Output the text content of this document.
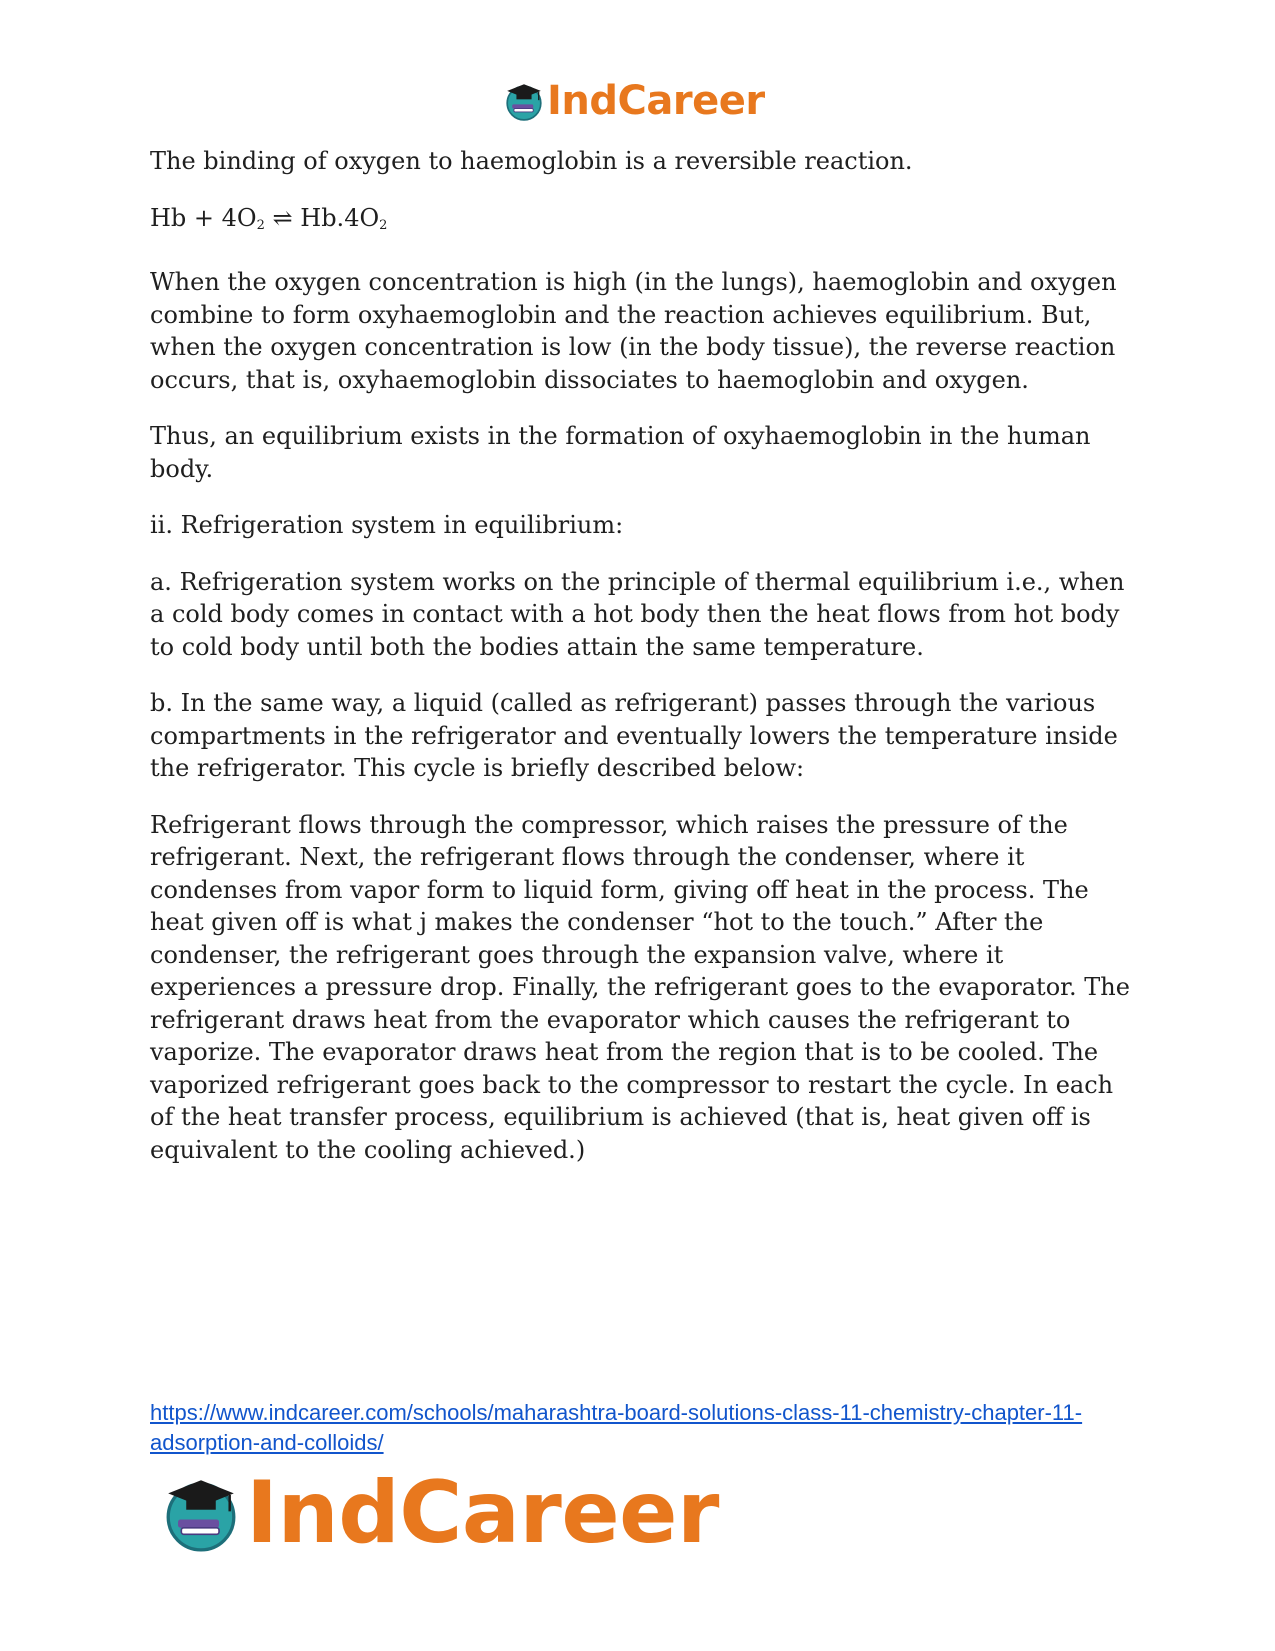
IndCareer

The binding of oxygen to haemoglobin is a reversible reaction.

$Hb + 4O_2$ ⇌ $Hb.4O_2$

When the oxygen concentration is high (in the lungs), haemoglobin and oxygen combine to form oxyhaemoglobin and the reaction achieves equilibrium. But, when the oxygen concentration is low (in the body tissue), the reverse reaction occurs, that is, oxyhaemoglobin dissociates to haemoglobin and oxygen.

Thus, an equilibrium exists in the formation of oxyhaemoglobin in the human body.

ii. Refrigeration system in equilibrium:

a. Refrigeration system works on the principle of thermal equilibrium i.e., when a cold body comes in contact with a hot body then the heat flows from hot body to cold body until both the bodies attain the same temperature.

b. In the same way, a liquid (called as refrigerant) passes through the various compartments in the refrigerator and eventually lowers the temperature inside the refrigerator. This cycle is briefly described below:

Refrigerant flows through the compressor, which raises the pressure of the refrigerant. Next, the refrigerant flows through the condenser, where it condenses from vapor form to liquid form, giving off heat in the process. The heat given off is what j makes the condenser “hot to the touch.” After the condenser, the refrigerant goes through the expansion valve, where it experiences a pressure drop. Finally, the refrigerant goes to the evaporator. The refrigerant draws heat from the evaporator which causes the refrigerant to vaporize. The evaporator draws heat from the region that is to be cooled. The vaporized refrigerant goes back to the compressor to restart the cycle. In each of the heat transfer process, equilibrium is achieved (that is, heat given off is equivalent to the cooling achieved.)

https://www.indcareer.com/schools/maharashtra-board-solutions-class-11-chemistry-chapter-11-adsorption-and-colloids/
IndCareer
